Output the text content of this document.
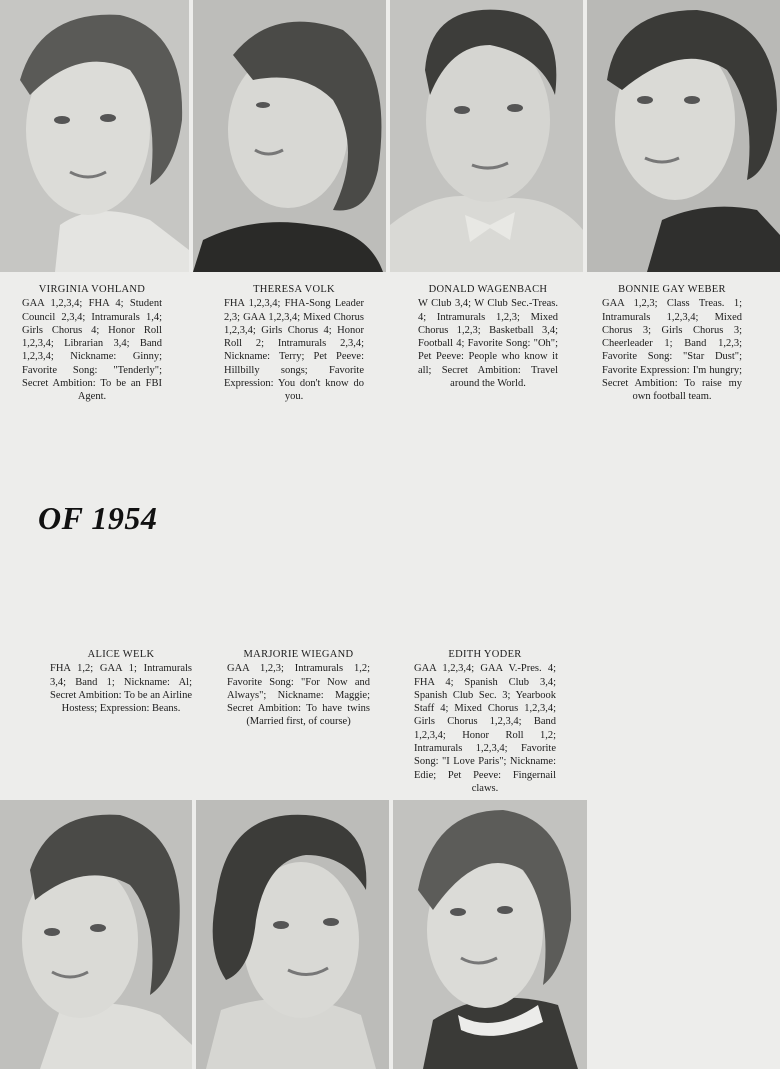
VIRGINIA VOHLAND
GAA 1,2,3,4; FHA 4; Student Council 2,3,4; Intramurals 1,4; Girls Chorus 4; Honor Roll 1,2,3,4; Librarian 3,4; Band 1,2,3,4; Nickname: Ginny; Favorite Song: "Tenderly"; Secret Ambition: To be an FBI Agent.
THERESA VOLK
FHA 1,2,3,4; FHA-Song Leader 2,3; GAA 1,2,3,4; Mixed Chorus 1,2,3,4; Girls Chorus 4; Honor Roll 2; Intramurals 2,3,4; Nickname: Terry; Pet Peeve: Hillbilly songs; Favorite Expression: You don't know do you.
DONALD WAGENBACH
W Club 3,4; W Club Sec.-Treas. 4; Intramurals 1,2,3; Mixed Chorus 1,2,3; Basketball 3,4; Football 4; Favorite Song: "Oh"; Pet Peeve: People who know it all; Secret Ambition: Travel around the World.
BONNIE GAY WEBER
GAA 1,2,3; Class Treas. 1; Intramurals 1,2,3,4; Mixed Chorus 3; Girls Chorus 3; Cheerleader 1; Band 1,2,3; Favorite Song: "Star Dust"; Favorite Expression: I'm hungry; Secret Ambition: To raise my own football team.
OF 1954
ALICE WELK
FHA 1,2; GAA 1; Intramurals 3,4; Band 1; Nickname: Al; Secret Ambition: To be an Airline Hostess; Expression: Beans.
MARJORIE WIEGAND
GAA 1,2,3; Intramurals 1,2; Favorite Song: "For Now and Always"; Nickname: Maggie; Secret Ambition: To have twins (Married first, of course)
EDITH YODER
GAA 1,2,3,4; GAA V.-Pres. 4; FHA 4; Spanish Club 3,4; Spanish Club Sec. 3; Yearbook Staff 4; Mixed Chorus 1,2,3,4; Girls Chorus 1,2,3,4; Band 1,2,3,4; Honor Roll 1,2; Intramurals 1,2,3,4; Favorite Song: "I Love Paris"; Nickname: Edie; Pet Peeve: Fingernail claws.
